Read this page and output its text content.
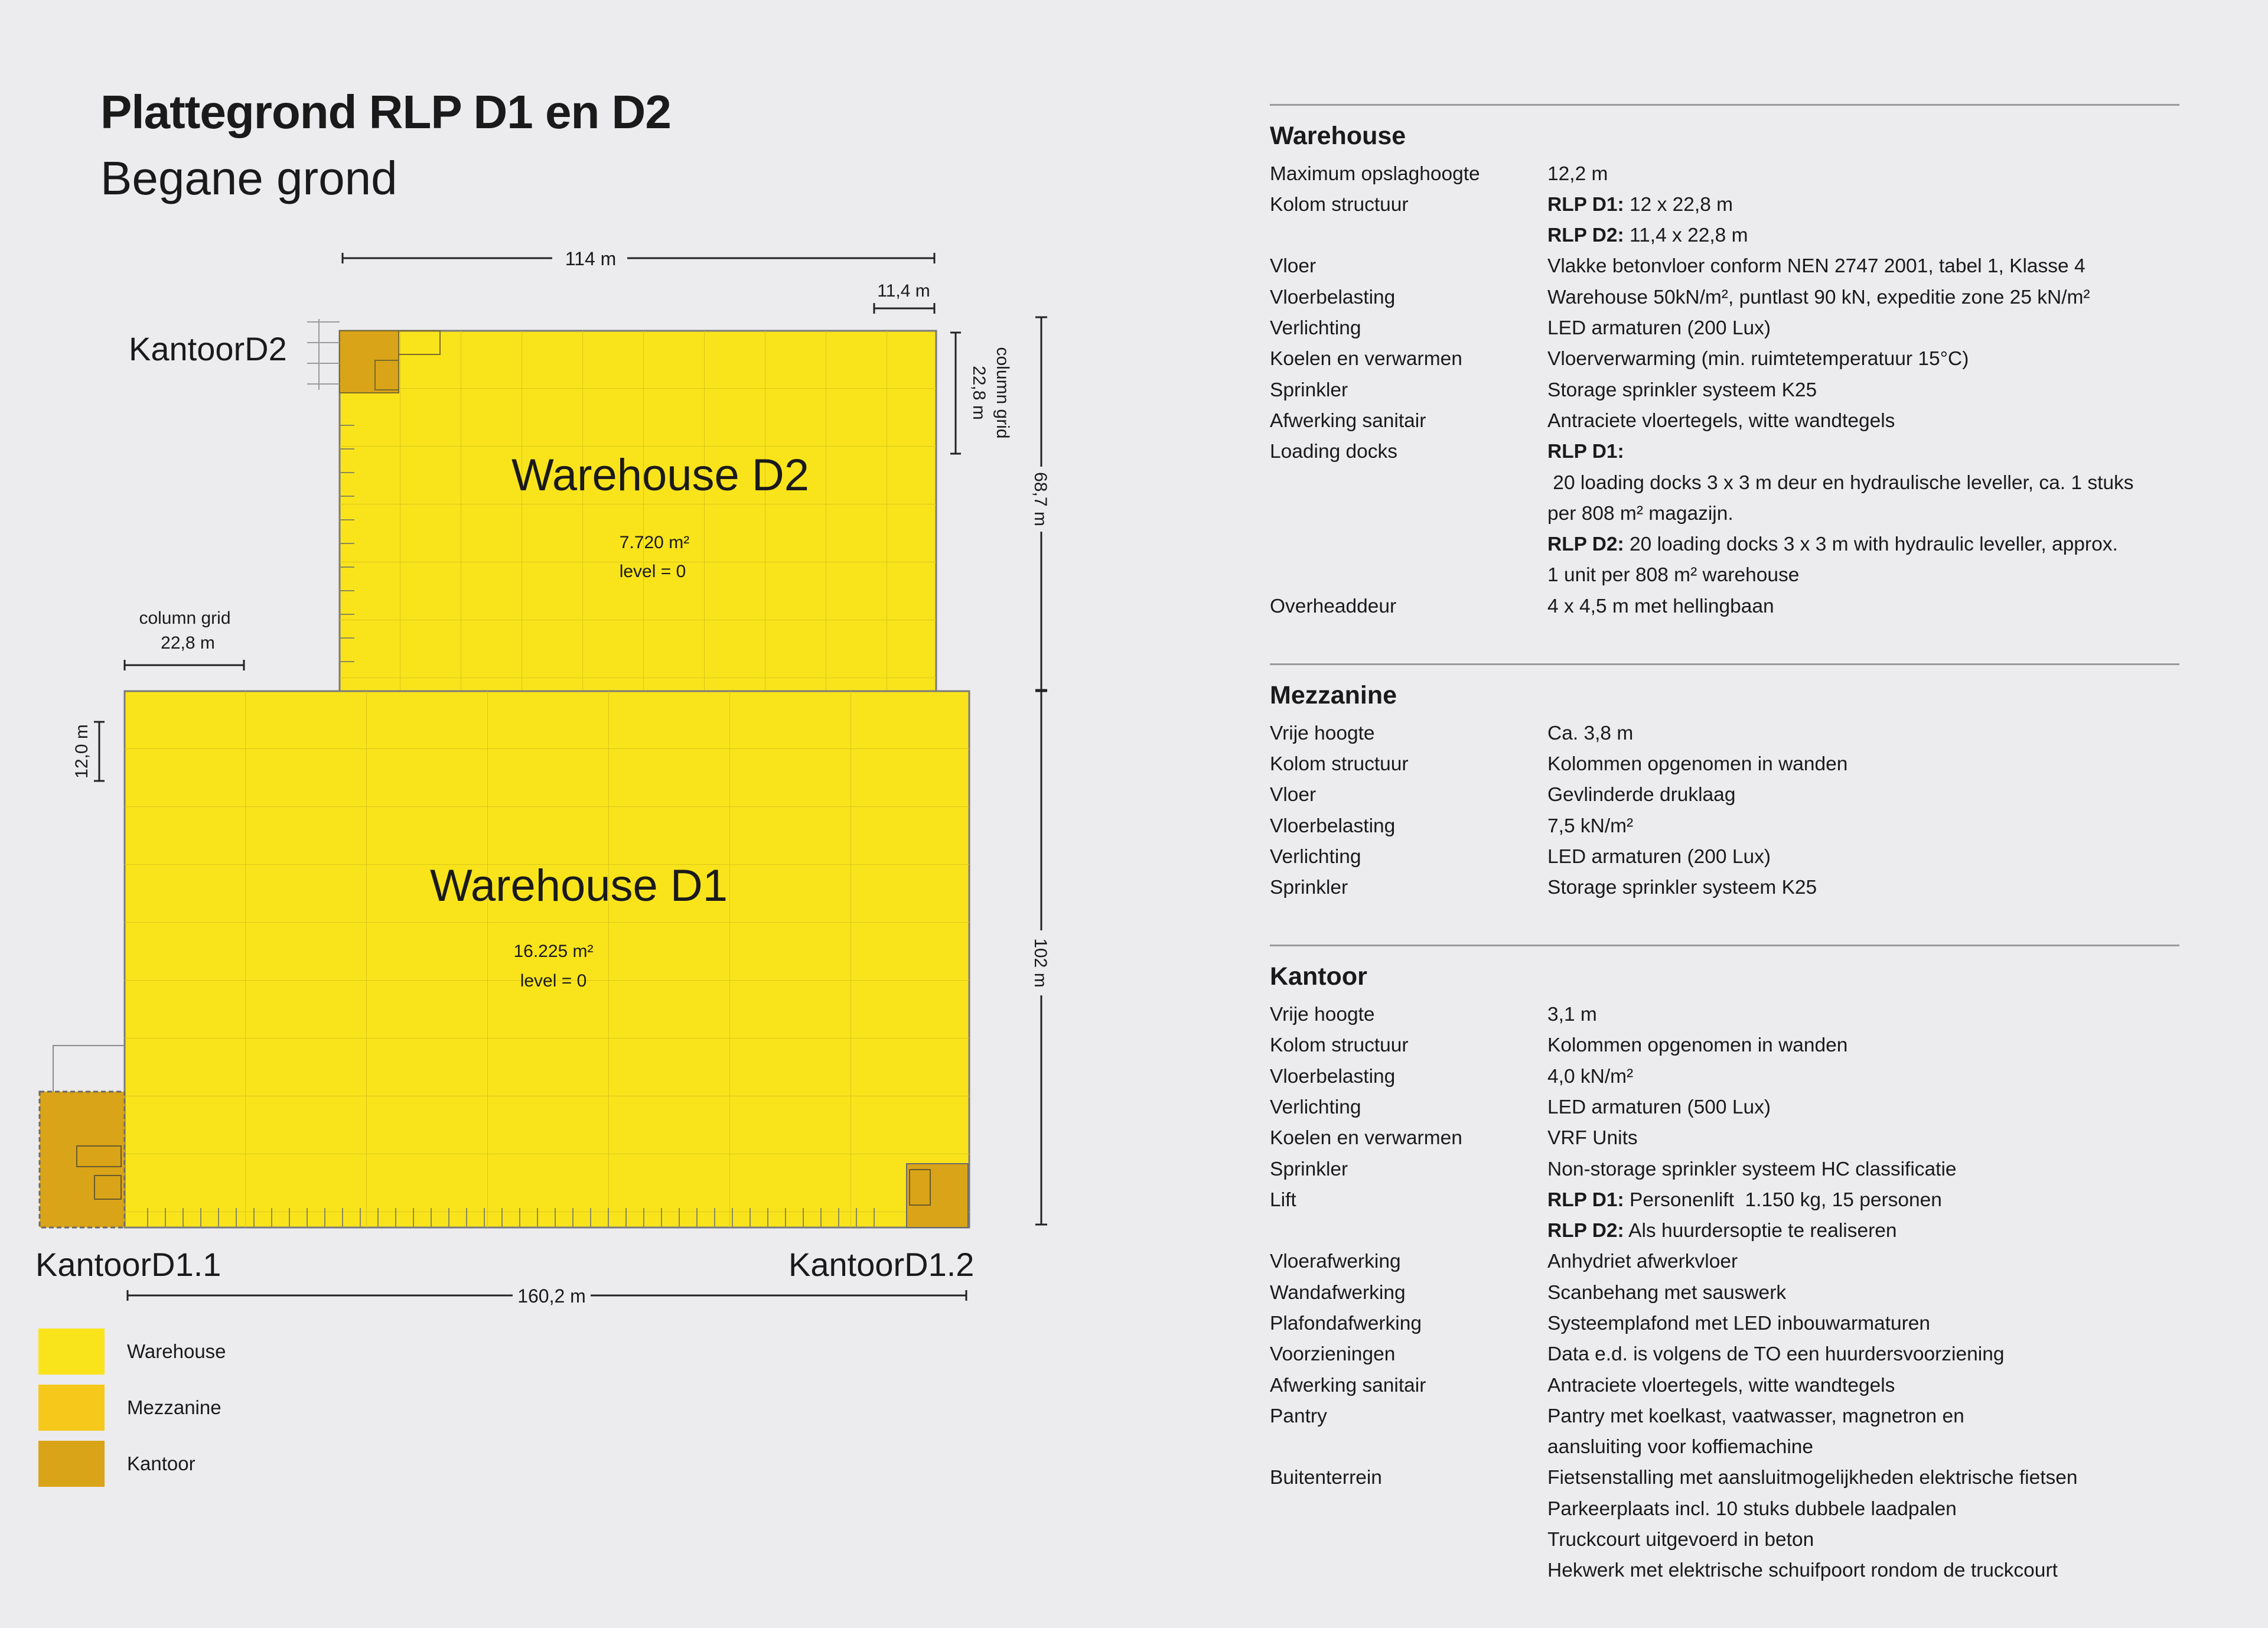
Plattegrond RLP D1 en D2
Begane grond
Warehouse D2
7.720 m²
level = 0
Warehouse D1
16.225 m²
level = 0
KantoorD2
KantoorD1.1	KantoorD1.2
114 m
11,4 m
column grid
22,8 m
68,7 m
column grid
22,8 m
12,0 m
102 m
160,2 m
Warehouse
Mezzanine
Kantoor
Warehouse
Maximum opslaghoogte	12,2 m
Kolom structuur	RLP D1: 12 x 22,8 m
RLP D2: 11,4 x 22,8 m
Vloer	Vlakke betonvloer conform NEN 2747 2001, tabel 1, Klasse 4
Vloerbelasting	Warehouse 50kN/m², puntlast 90 kN, expeditie zone 25 kN/m²
Verlichting	LED armaturen (200 Lux)
Koelen en verwarmen	Vloerverwarming (min. ruimtetemperatuur 15°C)
Sprinkler	Storage sprinkler systeem K25
Afwerking sanitair	Antraciete vloertegels, witte wandtegels
Loading docks	RLP D1: 20 loading docks 3 x 3 m deur en hydraulische leveller, ca. 1 stuks
per 808 m² magazijn.
RLP D2: 20 loading docks 3 x 3 m with hydraulic leveller, approx.
1 unit per 808 m² warehouse
Overheaddeur	4 x 4,5 m met hellingbaan
Mezzanine
Vrije hoogte	Ca. 3,8 m
Kolom structuur	Kolommen opgenomen in wanden
Vloer	Gevlinderde druklaag
Vloerbelasting	7,5 kN/m²
Verlichting	LED armaturen (200 Lux)
Sprinkler	Storage sprinkler systeem K25
Kantoor
Vrije hoogte	3,1 m
Kolom structuur	Kolommen opgenomen in wanden
Vloerbelasting	4,0 kN/m²
Verlichting	LED armaturen (500 Lux)
Koelen en verwarmen	VRF Units
Sprinkler	Non-storage sprinkler systeem HC classificatie
Lift	RLP D1: Personenlift  1.150 kg, 15 personen
RLP D2: Als huurdersoptie te realiseren
Vloerafwerking	Anhydriet afwerkvloer
Wandafwerking	Scanbehang met sauswerk
Plafondafwerking	Systeemplafond met LED inbouwarmaturen
Voorzieningen	Data e.d. is volgens de TO een huurdersvoorziening
Afwerking sanitair	Antraciete vloertegels, witte wandtegels
Pantry	Pantry met koelkast, vaatwasser, magnetron en
aansluiting voor koffiemachine
Buitenterrein	Fietsenstalling met aansluitmogelijkheden elektrische fietsen
Parkeerplaats incl. 10 stuks dubbele laadpalen
Truckcourt uitgevoerd in beton
Hekwerk met elektrische schuifpoort rondom de truckcourt
